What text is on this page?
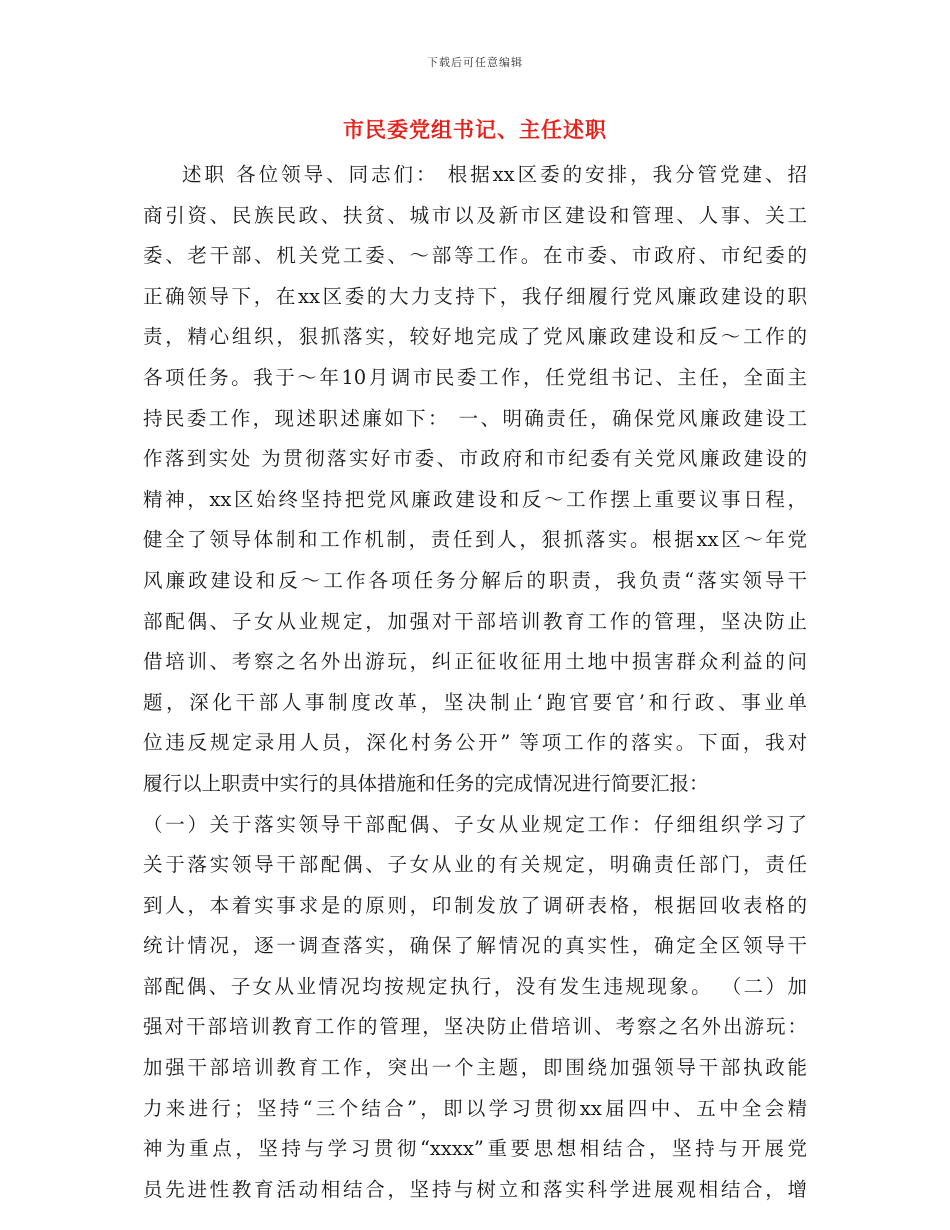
下载后可任意编辑
市民委党组书记、主任述职
述职 各位领导、同志们： 根据xx区委的安排，我分管党建、招
商引资、民族民政、扶贫、城市以及新市区建设和管理、人事、关工
委、老干部、机关党工委、～部等工作。在市委、市政府、市纪委的
正确领导下，在xx区委的大力支持下，我仔细履行党风廉政建设的职
责，精心组织，狠抓落实，较好地完成了党风廉政建设和反～工作的
各项任务。我于～年10月调市民委工作，任党组书记、主任，全面主
持民委工作，现述职述廉如下： 一、明确责任，确保党风廉政建设工
作落到实处 为贯彻落实好市委、市政府和市纪委有关党风廉政建设的
精神，xx区始终坚持把党风廉政建设和反～工作摆上重要议事日程，
健全了领导体制和工作机制，责任到人，狠抓落实。根据xx区～年党
风廉政建设和反～工作各项任务分解后的职责，我负责“落实领导干
部配偶、子女从业规定，加强对干部培训教育工作的管理，坚决防止
借培训、考察之名外出游玩，纠正征收征用土地中损害群众利益的问
题，深化干部人事制度改革，坚决制止‘跑官要官’和行政、事业单
位违反规定录用人员，深化村务公开” 等项工作的落实。下面，我对
履行以上职责中实行的具体措施和任务的完成情况进行简要汇报：
（一）关于落实领导干部配偶、子女从业规定工作：仔细组织学习了
关于落实领导干部配偶、子女从业的有关规定，明确责任部门，责任
到人，本着实事求是的原则，印制发放了调研表格，根据回收表格的
统计情况，逐一调查落实，确保了解情况的真实性，确定全区领导干
部配偶、子女从业情况均按规定执行，没有发生违规现象。 （二）加
强对干部培训教育工作的管理，坚决防止借培训、考察之名外出游玩：
加强干部培训教育工作，突出一个主题，即围绕加强领导干部执政能
力来进行；坚持“三个结合”，即以学习贯彻xx届四中、五中全会精
神为重点，坚持与学习贯彻“xxxx”重要思想相结合，坚持与开展党
员先进性教育活动相结合，坚持与树立和落实科学进展观相结合，增
